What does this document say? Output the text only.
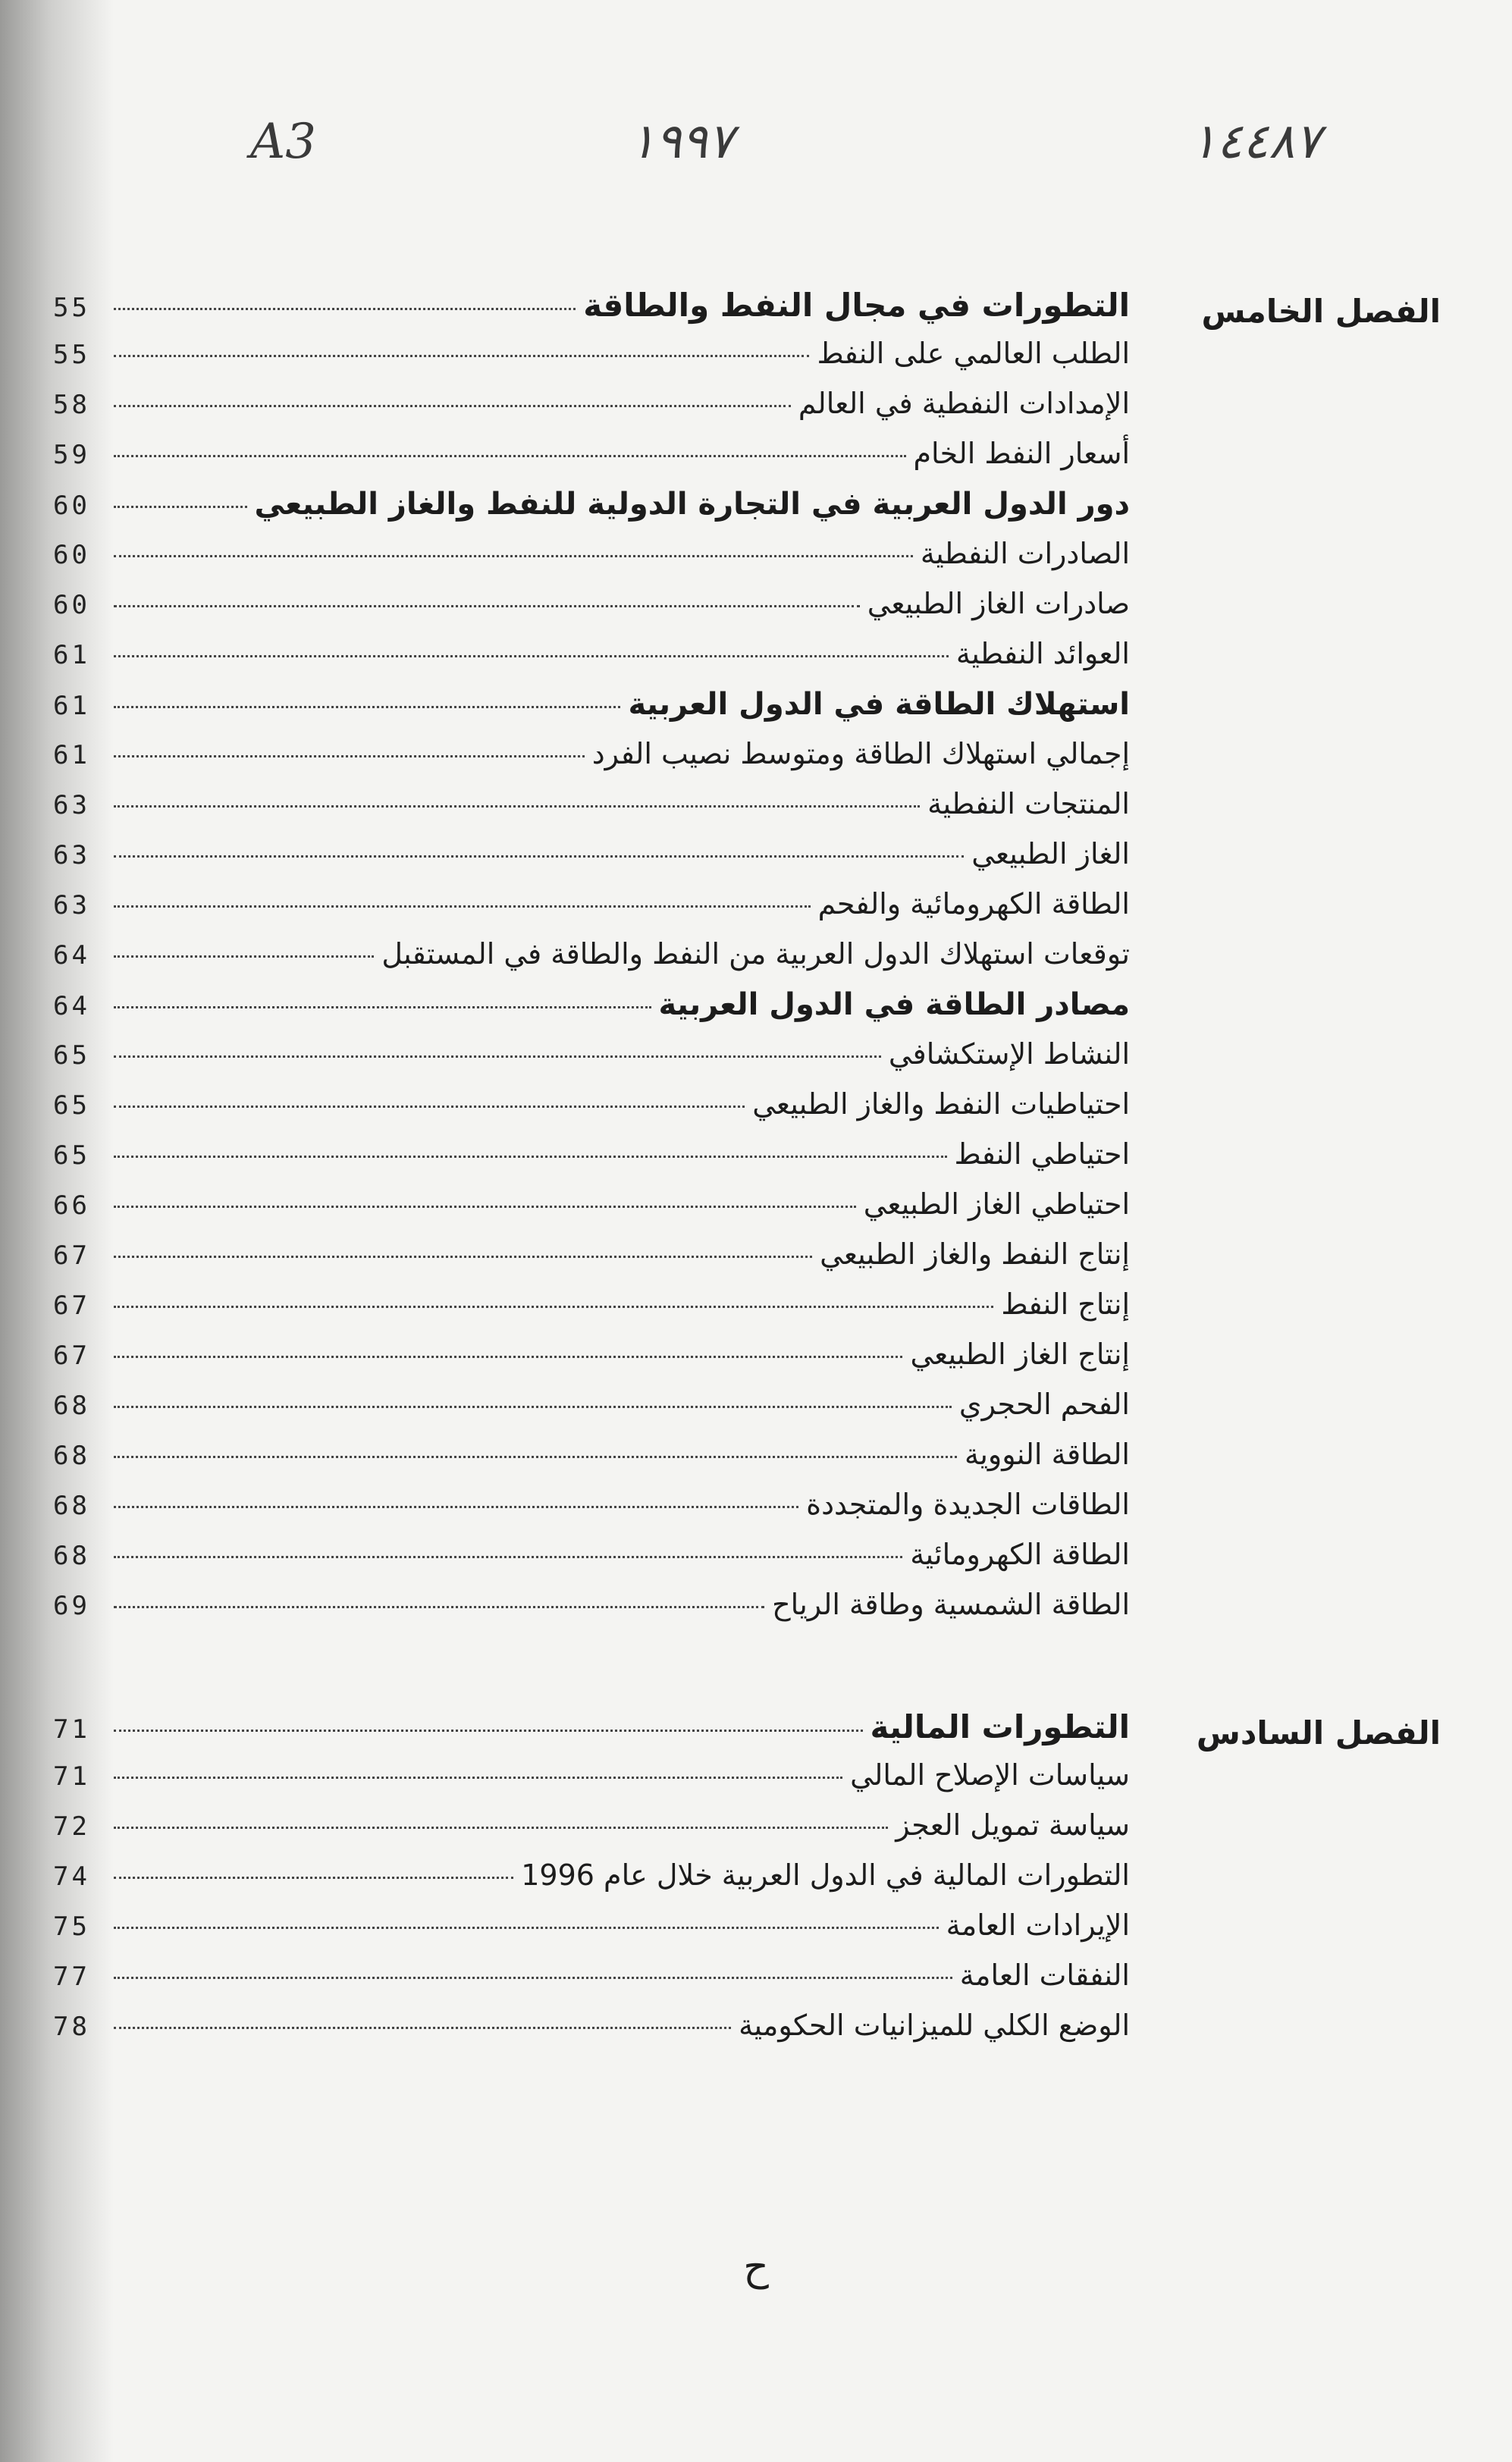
١٤٤٨٧
١٩٩٧
A3
الفصل الخامس
التطورات في مجال النفط والطاقة
55
الطلب العالمي على النفط
55
الإمدادات النفطية في العالم
58
أسعار النفط الخام
59
دور الدول العربية في التجارة الدولية للنفط والغاز الطبيعي
60
الصادرات النفطية
60
صادرات الغاز الطبيعي
60
العوائد النفطية
61
استهلاك الطاقة في الدول العربية
61
إجمالي استهلاك الطاقة ومتوسط نصيب الفرد
61
المنتجات النفطية
63
الغاز الطبيعي
63
الطاقة الكهرومائية والفحم
63
توقعات استهلاك الدول العربية من النفط والطاقة في المستقبل
64
مصادر الطاقة في الدول العربية
64
النشاط الإستكشافي
65
احتياطيات النفط والغاز الطبيعي
65
احتياطي النفط
65
احتياطي الغاز الطبيعي
66
إنتاج النفط والغاز الطبيعي
67
إنتاج النفط
67
إنتاج الغاز الطبيعي
67
الفحم الحجري
68
الطاقة النووية
68
الطاقات الجديدة والمتجددة
68
الطاقة الكهرومائية
68
الطاقة الشمسية وطاقة الرياح
69
الفصل السادس
التطورات المالية
71
سياسات الإصلاح المالي
71
سياسة تمويل العجز
72
التطورات المالية في الدول العربية خلال عام 1996
74
الإيرادات العامة
75
النفقات العامة
77
الوضع الكلي للميزانيات الحكومية
78
ح
